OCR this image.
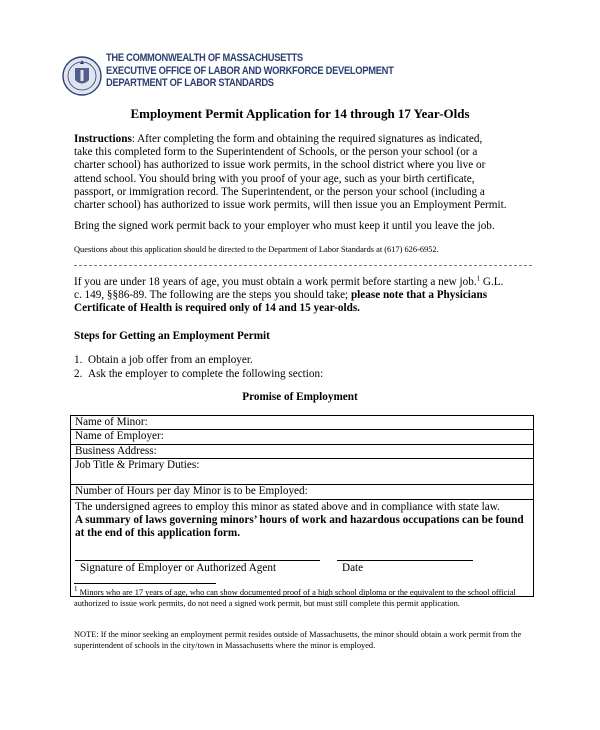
THE COMMONWEALTH OF MASSACHUSETTS
EXECUTIVE OFFICE OF LABOR AND WORKFORCE DEVELOPMENT
DEPARTMENT OF LABOR STANDARDS
Employment Permit Application for 14 through 17 Year-Olds
Instructions: After completing the form and obtaining the required signatures as indicated,
take this completed form to the Superintendent of Schools, or the person your school (or a
charter school) has authorized to issue work permits, in the school district where you live or
attend school. You should bring with you proof of your age, such as your birth certificate,
passport, or immigration record. The Superintendent, or the person your school (including a
charter school) has authorized to issue work permits, will then issue you an Employment Permit.
Bring the signed work permit back to your employer who must keep it until you leave the job.
Questions about this application should be directed to the Department of Labor Standards at (617) 626-6952.
If you are under 18 years of age, you must obtain a work permit before starting a new job.$^1$ G.L.
c. 149, §§86-89. The following are the steps you should take; please note that a Physicians
Certificate of Health is required only of 14 and 15 year-olds.
Steps for Getting an Employment Permit
1. Obtain a job offer from an employer.
2. Ask the employer to complete the following section:
Promise of Employment
Name of Minor:
Name of Employer:
Business Address:
Job Title & Primary Duties:
Number of Hours per day Minor is to be Employed:
The undersigned agrees to employ this minor as stated above and in compliance with state law.
A summary of laws governing minors’ hours of work and hazardous occupations can be found at the end of this application form.
Signature of Employer or Authorized Agent	Date
$^1$ Minors who are 17 years of age, who can show documented proof of a high school diploma or the equivalent to the school official authorized to issue work permits, do not need a signed work permit, but must still complete this permit application.
NOTE: If the minor seeking an employment permit resides outside of Massachusetts, the minor should obtain a work permit from the superintendent of schools in the city/town in Massachusetts where the minor is employed.
